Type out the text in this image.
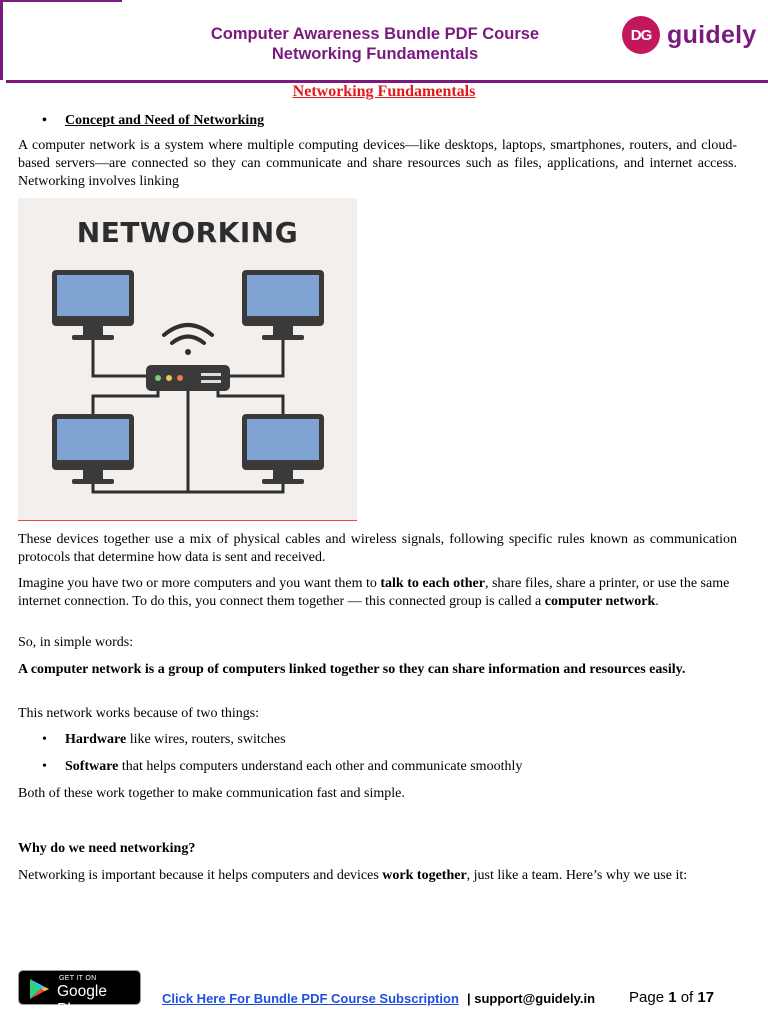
Computer Awareness Bundle PDF Course
Networking Fundamentals
DG guidely
Networking Fundamentals
• Concept and Need of Networking
A computer network is a system where multiple computing devices—like desktops, laptops, smartphones, routers, and cloud-based servers—are connected so they can communicate and share resources such as files, applications, and internet access. Networking involves linking
NETWORKING
These devices together use a mix of physical cables and wireless signals, following specific rules known as communication protocols that determine how data is sent and received.
Imagine you have two or more computers and you want them to talk to each other, share files, share a printer, or use the same internet connection. To do this, you connect them together — this connected group is called a computer network.
So, in simple words:
A computer network is a group of computers linked together so they can share information and resources easily.
This network works because of two things:
• Hardware like wires, routers, switches
• Software that helps computers understand each other and communicate smoothly
Both of these work together to make communication fast and simple.
Why do we need networking?
Networking is important because it helps computers and devices work together, just like a team. Here’s why we use it:
GET IT ON
Google Play
Click Here For Bundle PDF Course Subscription | support@guidely.in Page 1 of 17
